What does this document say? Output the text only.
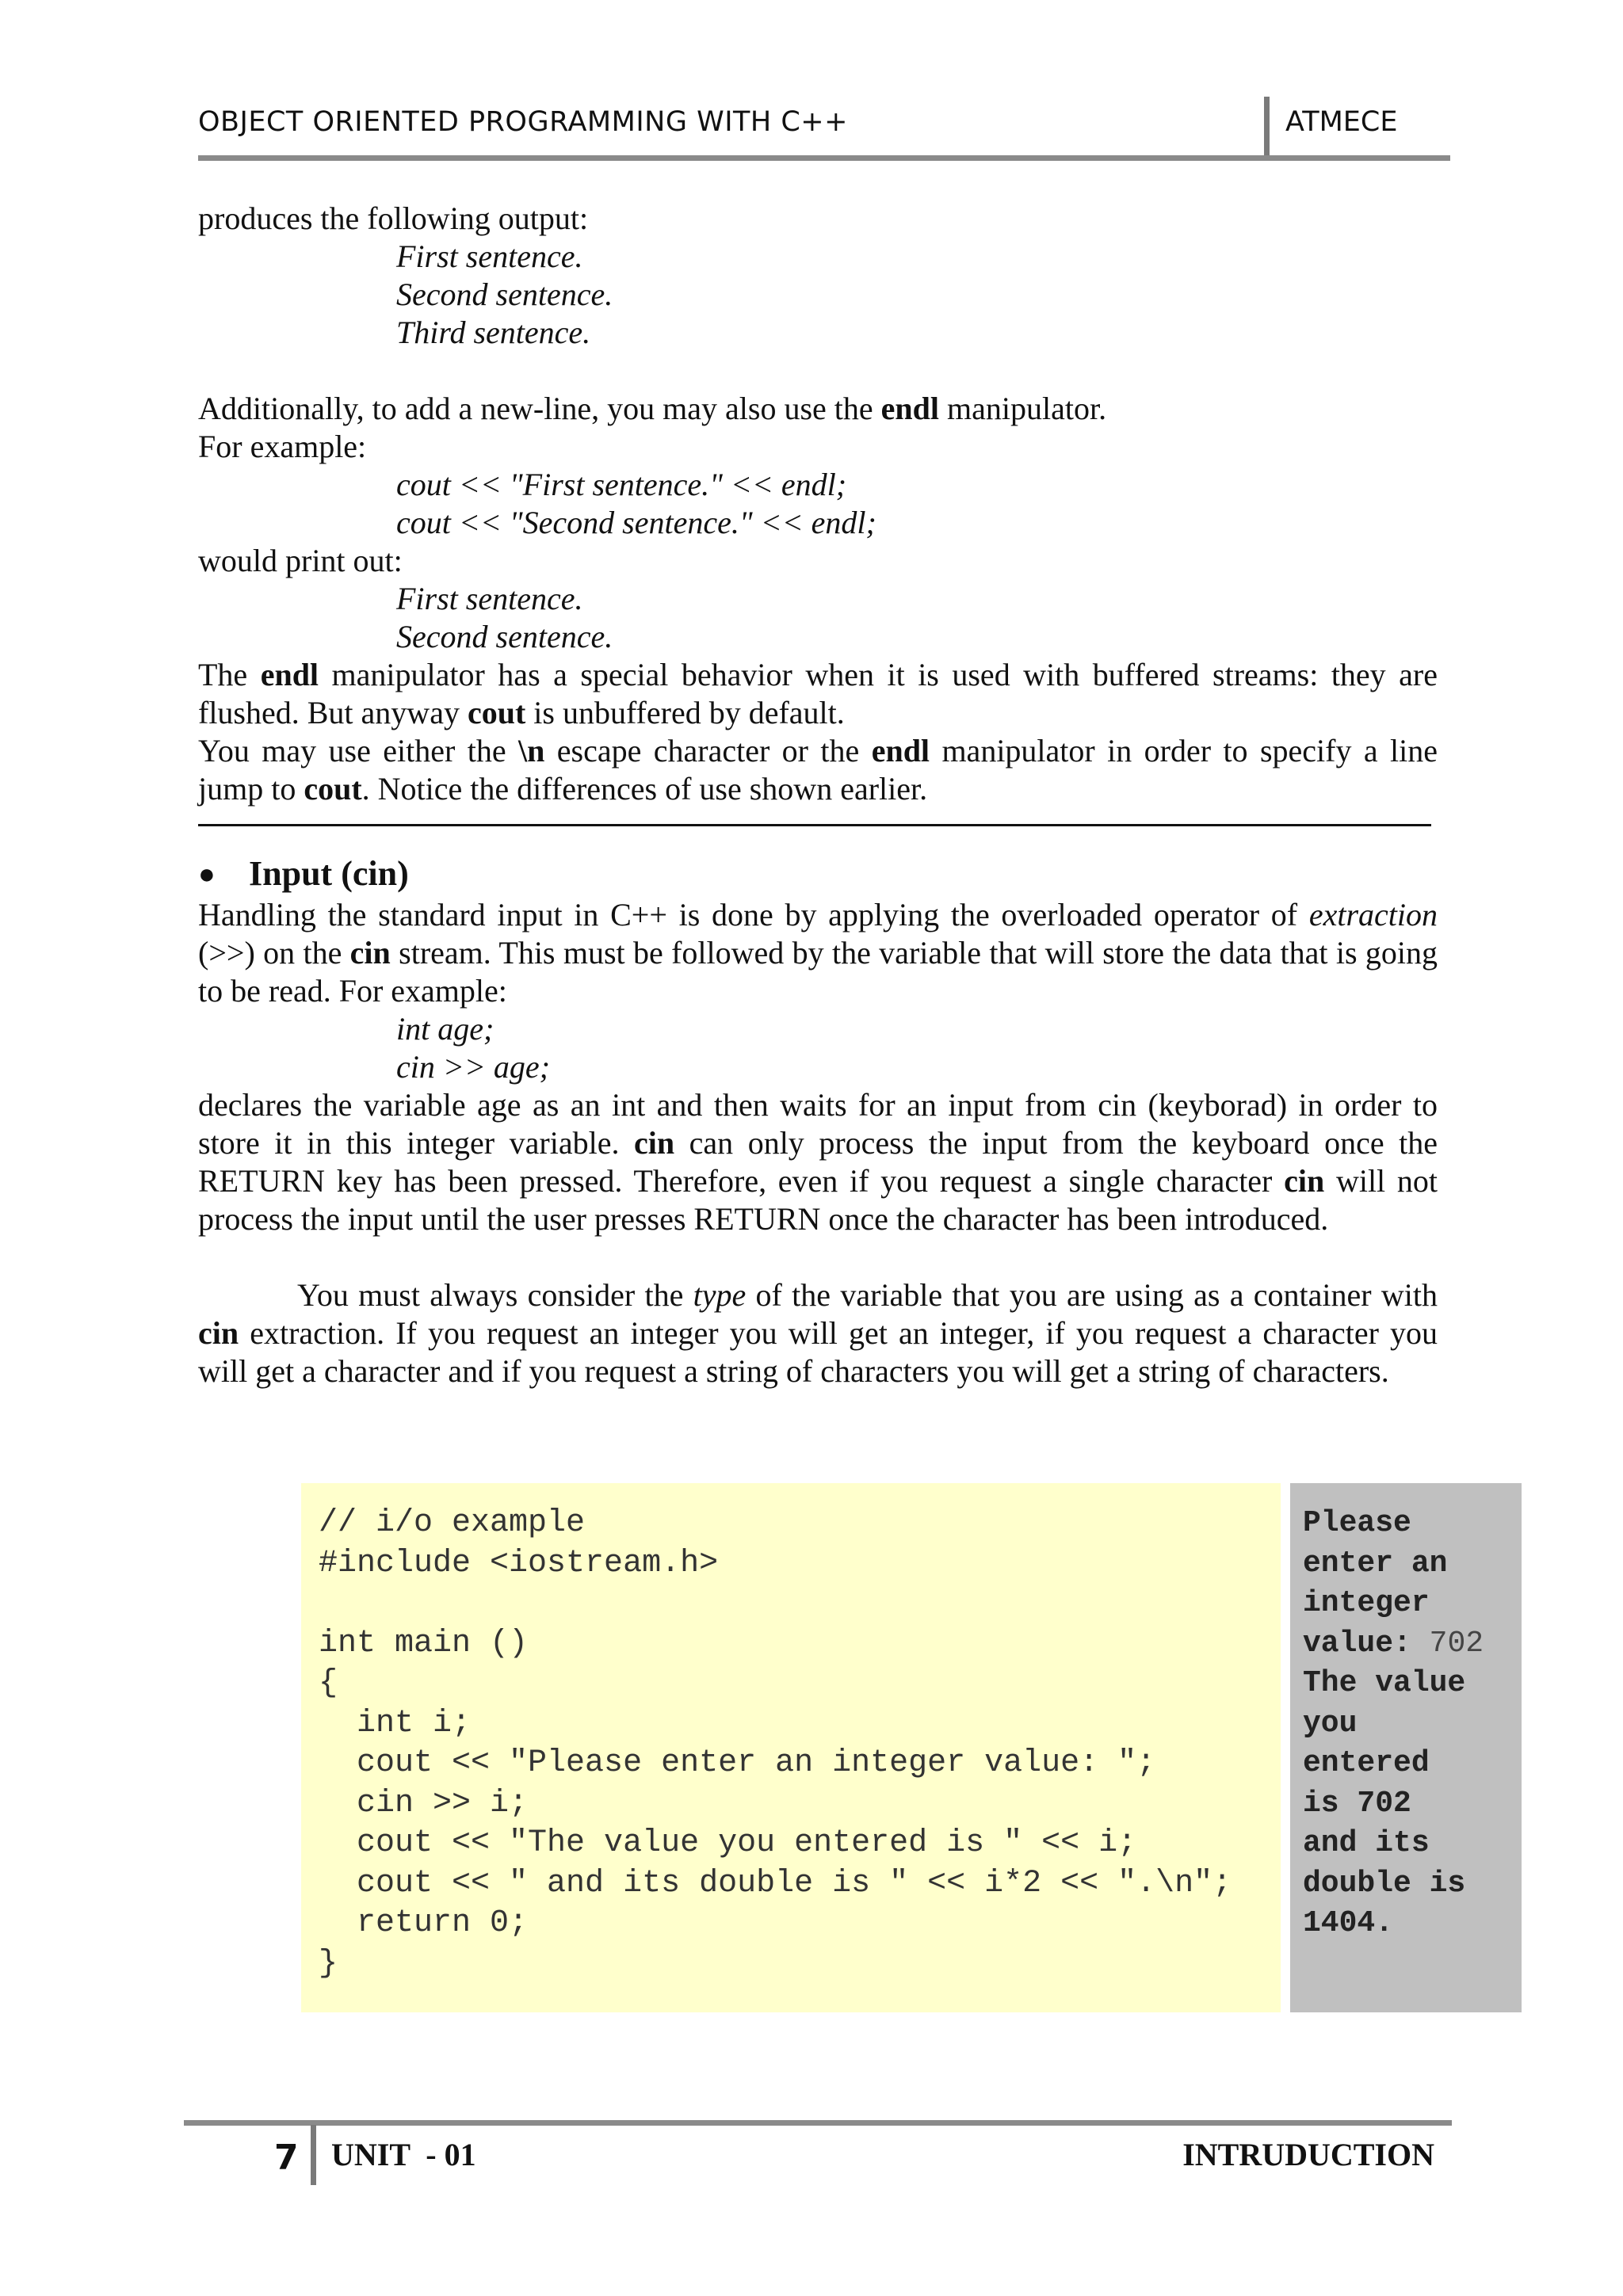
OBJECT ORIENTED PROGRAMMING WITH C++	ATMECE

produces the following output:

First sentence.

Second sentence.

Third sentence.

Additionally, to add a new-line, you may also use the endl manipulator.

For example:

cout << "First sentence." << endl;

cout << "Second sentence." << endl;

would print out:

First sentence.

Second sentence.

The endl manipulator has a special behavior when it is used with buffered streams: they are flushed. But anyway cout is unbuffered by default.

You may use either the \n escape character or the endl manipulator in order to specify a line jump to cout. Notice the differences of use shown earlier.

● Input (cin)

Handling the standard input in C++ is done by applying the overloaded operator of extraction (>>) on the cin stream. This must be followed by the variable that will store the data that is going to be read. For example:

int age;

cin >> age;

declares the variable age as an int and then waits for an input from cin (keyborad) in order to store it in this integer variable. cin can only process the input from the keyboard once the RETURN key has been pressed. Therefore, even if you request a single character cin will not process the input until the user presses RETURN once the character has been introduced.

You must always consider the type of the variable that you are using as a container with cin extraction. If you request an integer you will get an integer, if you request a character you will get a character and if you request a string of characters you will get a string of characters.

// i/o example
#include <iostream.h>

int main ()
{
int i;
cout << "Please enter an integer value: ";
cin >> i;
cout << "The value you entered is " << i;
cout << " and its double is " << i*2 << ".\n";
return 0;
}
Please
enter an
integer
value: 702
The value
you
entered
is 702
and its
double is
1404.
7 UNIT  - 01	INTRUDUCTION
